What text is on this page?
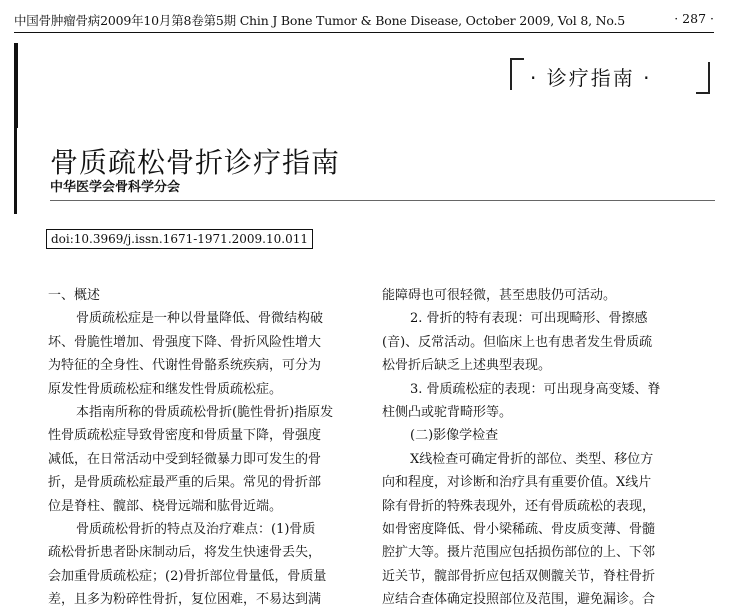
中国骨肿瘤骨病2009年10月第8卷第5期 Chin J Bone Tumor & Bone Disease, October 2009, Vol 8, No.5	· 287 ·
· 诊疗指南 ·
骨质疏松骨折诊疗指南
中华医学会骨科学分会
doi:10.3969/j.issn.1671-1971.2009.10.011

一、概述

骨质疏松症是一种以骨量降低、骨微结构破

坏、骨脆性增加、骨强度下降、骨折风险性增大

为特征的全身性、代谢性骨骼系统疾病，可分为

原发性骨质疏松症和继发性骨质疏松症。

本指南所称的骨质疏松骨折(脆性骨折)指原发

性骨质疏松症导致骨密度和骨质量下降，骨强度

减低，在日常活动中受到轻微暴力即可发生的骨

折，是骨质疏松症最严重的后果。常见的骨折部

位是脊柱、髋部、桡骨远端和肱骨近端。

骨质疏松骨折的特点及治疗难点：(1)骨质

疏松骨折患者卧床制动后，将发生快速骨丢失，

会加重骨质疏松症；(2)骨折部位骨量低，骨质量

差，且多为粉碎性骨折，复位困难，不易达到满

能障碍也可很轻微，甚至患肢仍可活动。

2. 骨折的特有表现：可出现畸形、骨擦感

(音)、反常活动。但临床上也有患者发生骨质疏

松骨折后缺乏上述典型表现。

3. 骨质疏松症的表现：可出现身高变矮、脊

柱侧凸或驼背畸形等。

(二)影像学检查

X线检查可确定骨折的部位、类型、移位方

向和程度，对诊断和治疗具有重要价值。X线片

除有骨折的特殊表现外，还有骨质疏松的表现，

如骨密度降低、骨小梁稀疏、骨皮质变薄、骨髓

腔扩大等。摄片范围应包括损伤部位的上、下邻

近关节，髋部骨折应包括双侧髋关节，脊柱骨折

应结合查体确定投照部位及范围，避免漏诊。合
